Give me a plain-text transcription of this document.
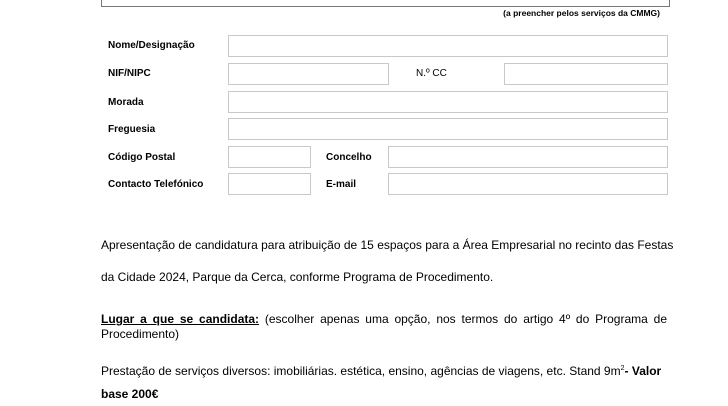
(a preencher pelos serviços da CMMG)
Nome/Designação
NIF/NIPC	N.º CC
Morada
Freguesia
Código Postal	Concelho
Contacto Telefónico	E-mail
Apresentação de candidatura para atribuição de 15 espaços para a Área Empresarial no recinto das Festas
da Cidade 2024, Parque da Cerca, conforme Programa de Procedimento.
Lugar a que se candidata: (escolher apenas uma opção, nos termos do artigo 4º do Programa de Procedimento)
Prestação de serviços diversos: imobiliárias. estética, ensino, agências de viagens, etc. Stand $9m^2-$ Valor
base 200€
